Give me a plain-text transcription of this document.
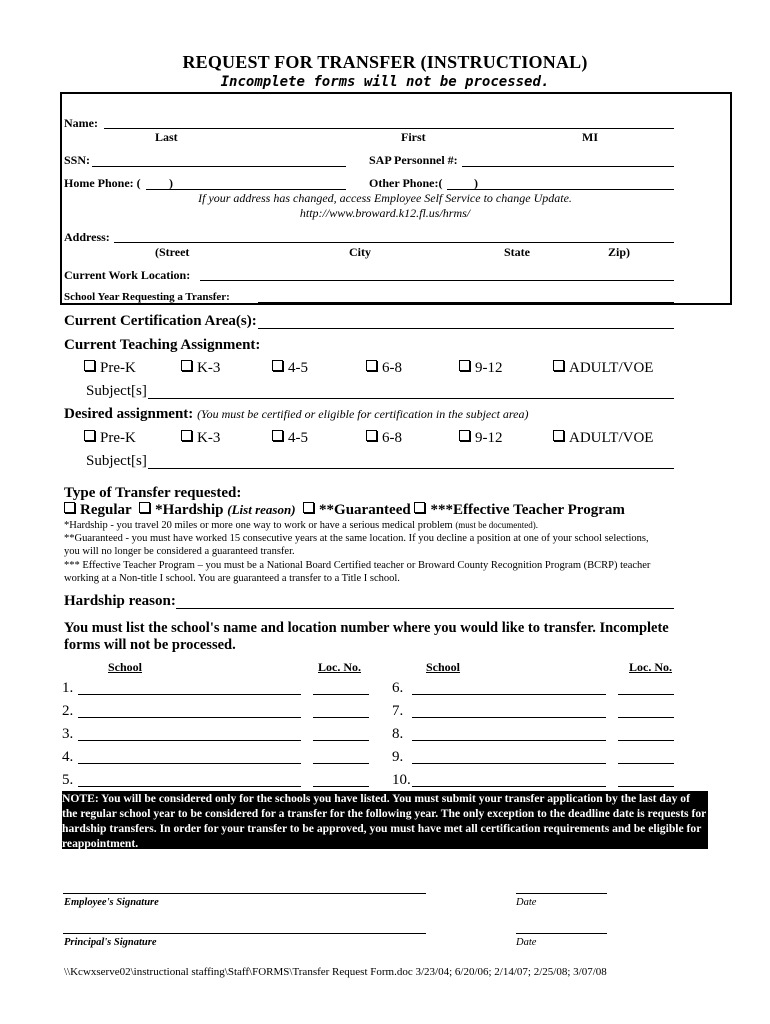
REQUEST FOR TRANSFER (INSTRUCTIONAL)
Incomplete forms will not be processed.
Name:
Last	First	MI
SSN:	SAP Personnel #:
Home Phone: ( )	Other Phone:(	)
If your address has changed, access Employee Self Service to change Update.
http://www.broward.k12.fl.us/hrms/
Address:
(Street	City	State	Zip)
Current Work Location:
School Year Requesting a Transfer:
Current Certification Area(s):
Current Teaching Assignment:
Pre-K	K-3	4-5	6-8	9-12	ADULT/VOE
Subject[s]
Desired assignment: (You must be certified or eligible for certification in the subject area)
Pre-K	K-3	4-5	6-8	9-12	ADULT/VOE
Subject[s]
Type of Transfer requested:
Regular *Hardship (List reason) **Guaranteed ***Effective Teacher Program
*Hardship - you travel 20 miles or more one way to work or have a serious medical problem (must be documented).
**Guaranteed - you must have worked 15 consecutive years at the same location. If you decline a position at one of your school selections,
you will no longer be considered a guaranteed transfer.
*** Effective Teacher Program – you must be a National Board Certified teacher or Broward County Recognition Program (BCRP) teacher
working at a Non-title I school. You are guaranteed a transfer to a Title I school.
Hardship reason:
You must list the school's name and location number where you would like to transfer. Incomplete
forms will not be processed.
School	Loc. No.	School	Loc. No.
1.
2.
3.
4.
5.
6.
7.
8.
9.
10.
NOTE: You will be considered only for the schools you have listed. You must submit your transfer application by the last day of the regular school year to be considered for a transfer for the following year. The only exception to the deadline date is requests for hardship transfers. In order for your transfer to be approved, you must have met all certification requirements and be eligible for reappointment.
Employee's Signature	Date
Principal's Signature	Date
\\Kcwxserve02\instructional staffing\Staff\FORMS\Transfer Request Form.doc 3/23/04; 6/20/06; 2/14/07; 2/25/08; 3/07/08
